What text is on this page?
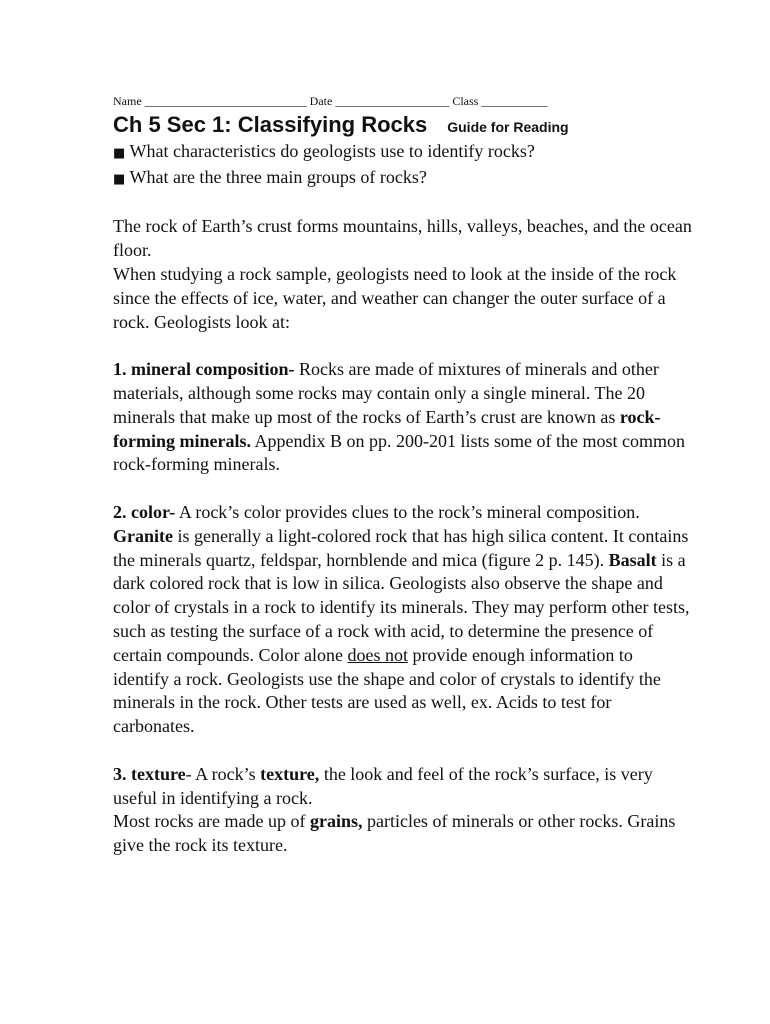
Name ___________________________ Date ___________________ Class ___________
Ch 5 Sec 1: Classifying Rocks Guide for Reading

■ What characteristics do geologists use to identify rocks?

■ What are the three main groups of rocks?

The rock of Earth’s crust forms mountains, hills, valleys, beaches, and the ocean floor.

When studying a rock sample, geologists need to look at the inside of the rock since the effects of ice, water, and weather can changer the outer surface of a rock. Geologists look at:

1. mineral composition- Rocks are made of mixtures of minerals and other materials, although some rocks may contain only a single mineral. The 20 minerals that make up most of the rocks of Earth’s crust are known as rock-forming minerals. Appendix B on pp. 200-201 lists some of the most common rock-forming minerals.

2. color- A rock’s color provides clues to the rock’s mineral composition. Granite is generally a light-colored rock that has high silica content. It contains the minerals quartz, feldspar, hornblende and mica (figure 2 p. 145). Basalt is a dark colored rock that is low in silica. Geologists also observe the shape and color of crystals in a rock to identify its minerals. They may perform other tests, such as testing the surface of a rock with acid, to determine the presence of certain compounds. Color alone does not provide enough information to identify a rock. Geologists use the shape and color of crystals to identify the minerals in the rock. Other tests are used as well, ex. Acids to test for carbonates.

3. texture- A rock’s texture, the look and feel of the rock’s surface, is very useful in identifying a rock.

Most rocks are made up of grains, particles of minerals or other rocks. Grains give the rock its texture.
